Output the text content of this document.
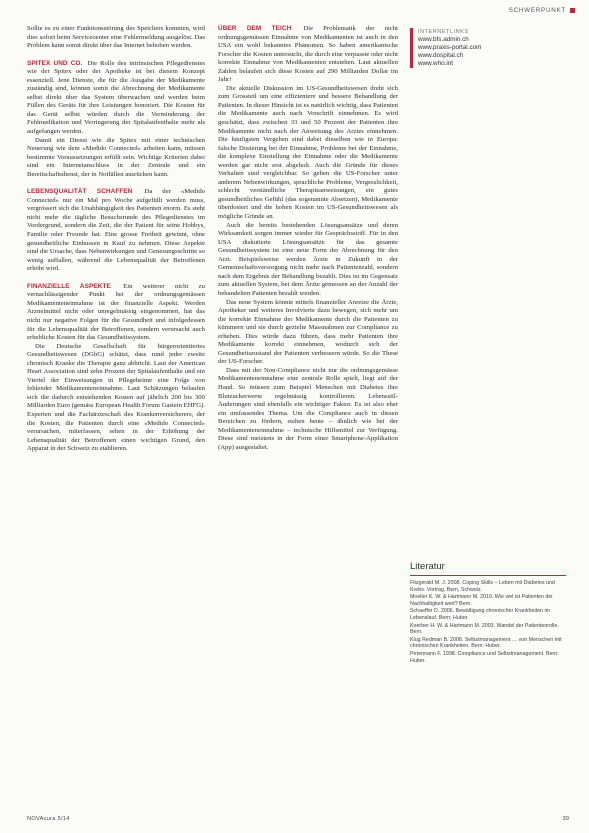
SCHWERPUNKT

Sollte es zu einer Funktionsstörung des Speichers kommen, wird dies sofort beim Serviceoenter eine Fehlermeldung ausgelöst. Das Problem kann somit direkt über das Internet behoben werden.

SPITEX UND CO. Die Rolle des intrinsischen Pflegedienstes wie der Spitex oder der Apotheke ist bei diesem Konzept essenziell. Jene Dienste, die für die Ausgabe der Medikamente zuständig sind, können somit die Abrechnung der Medikamente selbst direkt über das System überwachen und werden beim Füllen des Geräts für ihre Leistungen honoriert. Die Kosten für das Gerät selbst würden durch die Verminderung der Fehlmedikation und Verringerung der Spitalaufenthalte mehr als aufgefangen werden.

Damit ein Dienst wie die Spitex mit einer technischen Neuerung wie dem «Medido Connected» arbeiten kann, müssen bestimmte Voraussetzungen erfüllt sein. Wichtige Kriterien dabei sind ein Internetanschluss in der Zentrale und ein Bereitschaftsdienst, der in Notfällen ausrücken kann.

LEBENSQUALITÄT SCHAFFEN Da der «Medido Connected» nur ein Mal pro Woche aufgefüllt werden muss, vergrössert sich die Unabhängigkeit des Patienten enorm. Es steht nicht mehr die tägliche Besuchsrunde des Pflegedienstes im Vordergrund, sondern die Zeit, die der Patient für seine Hobbys, Familie oder Freunde hat. Eine grosse Freiheit gewinnt, ohne gesundheitliche Einbussen in Kauf zu nehmen. Diese Aspekte sind die Ursache, dass Nebenwirkungen und Genesungsschritte so wenig auffallen, während die Lebensqualität der Betroffenen erhöht wird.

FINANZIELLE ASPEKTE Ein weiterer nicht zu vernachlässigender Punkt bei der ordnungsgemässen Medikamenteneinnahme ist der finanzielle Aspekt. Werden Arzneimittel nicht oder unregelmässig eingenommen, hat das nicht nur negative Folgen für die Gesundheit und infolgedessen für die Lebensqualität der Betroffenen, sondern verursacht auch erhebliche Kosten für das Gesundheitssystem.

Die Deutsche Gesellschaft für bürgerorientiertes Gesundheitswesen (DGbG) schätzt, dass rund jeder zweite chronisch Kranke die Therapie ganz abbricht. Laut der American Heart Association sind zehn Prozent der Spitalaufenthalte und ein Viertel der Einweisungen in Pflegeheime eine Folge von fehlender Medikamenteneinnahme. Laut Schätzungen belaufen sich die dadurch entstehenden Kosten auf jährlich 200 bis 300 Milliarden Euro (gemäss European Health Forum Gastein EHFG). Experten und die Fachärzteschaft des Krankenversicherers, der die Kosten, die Patienten durch eine «Medido Connected» verursachen, miterfassen, sehen in der Erhöhung der Lebensqualität der Betroffenen einen wichtigen Grund, den Apparat in der Schweiz zu etablieren.

ÜBER DEM TEICH Die Problematik der nicht ordnungsgemässen Einnahme von Medikamenten ist auch in den USA ein wohl bekanntes Phänomen. So haben amerikanische Forscher die Kosten untersucht, die durch eine verpasste oder nicht korrekte Einnahme von Medikamenten entstehen. Laut aktuellen Zahlen belaufen sich diese Kosten auf 290 Milliarden Dollar im Jahr!

Die aktuelle Diskussion im US-Gesundheitswesen dreht sich zum Grossteil um eine effizientere und bessere Behandlung der Patienten. In dieser Hinsicht ist es natürlich wichtig, dass Patienten die Medikamente auch nach Vorschrift einnehmen. Es wird geschätzt, dass zwischen 33 und 50 Prozent der Patienten ihre Medikamente nicht nach der Anweisung des Arztes einnehmen. Die häufigsten Vergehen sind dabei dieselben wie in Europa: falsche Dosierung bei der Einnahme, Probleme bei der Einnahme, die komplexe Einstellung der Einnahme oder die Medikamente werden gar nicht erst abgeholt. Auch die Gründe für dieses Verhalten sind vergleichbar. So geben die US-Forscher unter anderem Nebenwirkungen, sprachliche Probleme, Vergesslichkeit, schlecht verständliche Therapieanweisungen, ein gutes gesundheitliches Gefühl (das sogenannte Absetzen), Medikamente überdosiert und die hohen Kosten im US-Gesundheitswesen als mögliche Gründe an.

Auch die bereits bestehenden Lösungsansätze und deren Wirksamkeit sorgen immer wieder für Gesprächsstoff. Für in den USA diskutierte Lösungsansätze für das gesamte Gesundheitssystem ist eine neue Form der Abrechnung für den Arzt. Beispielsweise werden Ärzte in Zukunft in der Gemeinschaftsversorgung nicht mehr nach Patientenzahl, sondern nach dem Ergebnis der Behandlung bezahlt. Dies ist im Gegensatz zum aktuellen System, bei dem Ärzte gemessen an der Anzahl der behandelten Patienten bezahlt werden.

Das neue System könnte mittels finanzieller Anreize die Ärzte, Apotheker und weiteres Involvierte dazu bewegen, sich mehr um die korrekte Einnahme der Medikamente durch die Patienten zu kümmern und sie durch gezielte Massnahmen zur Compliance zu erheben. Dies würde dazu führen, dass mehr Patienten ihre Medikamente korrekt einnehmen, wodurch sich der Gesundheitszustand der Patienten verbessern würde. So die These der US-Forscher.

Dass mit der Non-Compliance nicht nur die ordnungsgemässe Medikamenteneinnahme eine zentrale Rolle spielt, liegt auf der Hand. So müssen zum Beispiel Menschen mit Diabetes ihre Blutzuckerwerte regelmässig kontrollieren. Lebensstil-Änderungen sind ebenfalls ein wichtiger Faktor. Es ist also eher ein umfassendes Thema. Um die Compliance auch in diesen Bereichen zu fördern, stehen heute – ähnlich wie bei der Medikamenteneinnahme – technische Hilfsmittel zur Verfügung. Diese sind meistens in der Form einer Smartphone-Applikation (App) ausgestaltet.

INTERNETLINKS
www.bfs.admin.ch
www.praxis-portal.com
www.dospital.ch
www.who.int
Literatur
Fitzgerald M. J. 2008. Coping Skills – Leben mit Diabetes und Krebs. Vortrag, Bern, Schweiz.
Moeller K. W. & Hartmann M. 2010. Wie viel ist Patienten die Nachhaltigkeit wert? Bern.
Schaeffer D. 2006. Bewältigung chronischer Krankheiten im Lebenslauf. Bern: Huber.
Koerber H. W. & Hartmann M. 2003. Wandel der Patientenrolle. Bern.
Klug Redman B. 2008. Selbstmanagement … von Menschen mit chronischen Krankheiten. Bern: Huber.
Petermann F. 1998. Compliance und Selbstmanagement. Bern: Huber.
NOVAcura 5/14	39
